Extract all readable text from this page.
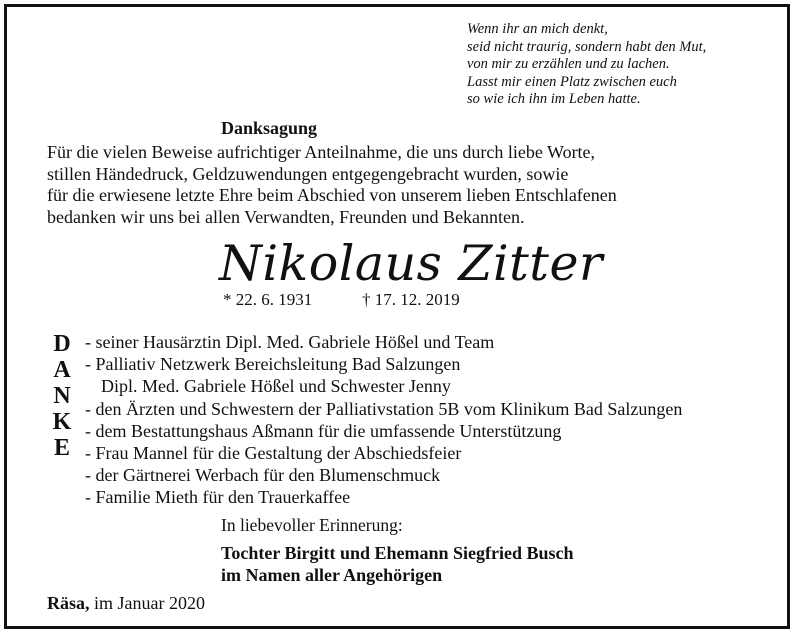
Wenn ihr an mich denkt,
seid nicht traurig, sondern habt den Mut,
von mir zu erzählen und zu lachen.
Lasst mir einen Platz zwischen euch
so wie ich ihn im Leben hatte.
Danksagung
Für die vielen Beweise aufrichtiger Anteilnahme, die uns durch liebe Worte,
stillen Händedruck, Geldzuwendungen entgegengebracht wurden, sowie
für die erwiesene letzte Ehre beim Abschied von unserem lieben Entschlafenen
bedanken wir uns bei allen Verwandten, Freunden und Bekannten.
Nikolaus Zitter
* 22. 6. 1931	† 17. 12. 2019
D
A
N
K
E
- seiner Hausärztin Dipl. Med. Gabriele Hößel und Team
- Palliativ Netzwerk Bereichsleitung Bad Salzungen
Dipl. Med. Gabriele Hößel und Schwester Jenny
- den Ärzten und Schwestern der Palliativstation 5B vom Klinikum Bad Salzungen
- dem Bestattungshaus Aßmann für die umfassende Unterstützung
- Frau Mannel für die Gestaltung der Abschiedsfeier
- der Gärtnerei Werbach für den Blumenschmuck
- Familie Mieth für den Trauerkaffee
In liebevoller Erinnerung:
Tochter Birgitt und Ehemann Siegfried Busch
im Namen aller Angehörigen
Räsa, im Januar 2020
